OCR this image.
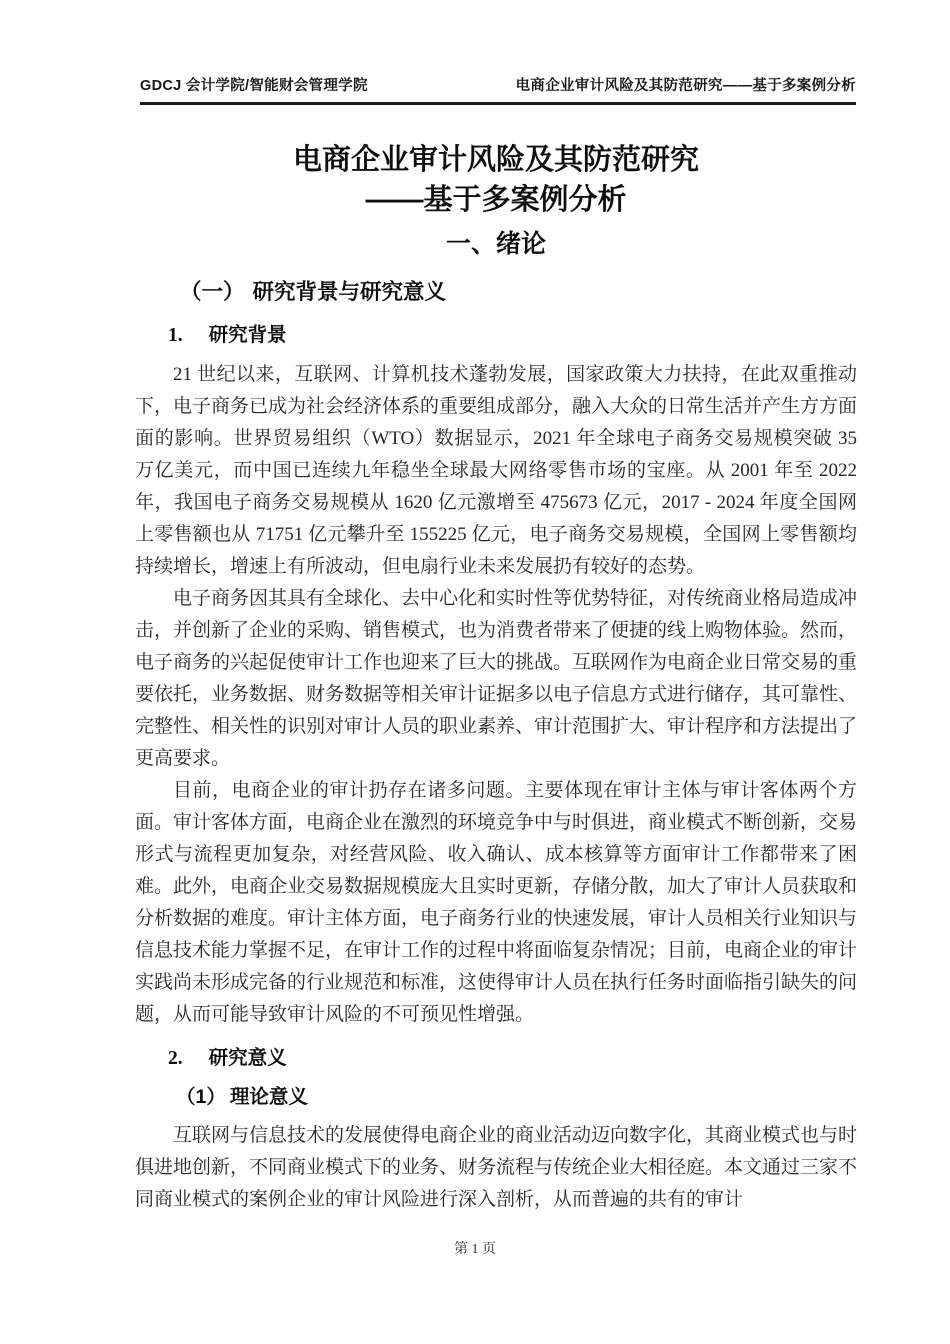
GDCJ 会计学院/智能财会管理学院	电商企业审计风险及其防范研究——基于多案例分析
电商企业审计风险及其防范研究
——基于多案例分析
一、绪论
（一） 研究背景与研究意义
1. 研究背景

21 世纪以来，互联网、计算机技术蓬勃发展，国家政策大力扶持，在此双重推动下，电子商务已成为社会经济体系的重要组成部分，融入大众的日常生活并产生方方面面的影响。世界贸易组织（WTO）数据显示，2021 年全球电子商务交易规模突破 35 万亿美元，而中国已连续九年稳坐全球最大网络零售市场的宝座。从 2001 年至 2022 年，我国电子商务交易规模从 1620 亿元激增至 475673 亿元，2017 - 2024 年度全国网上零售额也从 71751 亿元攀升至 155225 亿元，电子商务交易规模，全国网上零售额均持续增长，增速上有所波动，但电扇行业未来发展扔有较好的态势。

电子商务因其具有全球化、去中心化和实时性等优势特征，对传统商业格局造成冲击，并创新了企业的采购、销售模式，也为消费者带来了便捷的线上购物体验。然而，电子商务的兴起促使审计工作也迎来了巨大的挑战。互联网作为电商企业日常交易的重要依托，业务数据、财务数据等相关审计证据多以电子信息方式进行储存，其可靠性、完整性、相关性的识别对审计人员的职业素养、审计范围扩大、审计程序和方法提出了更高要求。

目前，电商企业的审计扔存在诸多问题。主要体现在审计主体与审计客体两个方面。审计客体方面，电商企业在激烈的环境竞争中与时俱进，商业模式不断创新，交易形式与流程更加复杂，对经营风险、收入确认、成本核算等方面审计工作都带来了困难。此外，电商企业交易数据规模庞大且实时更新，存储分散，加大了审计人员获取和分析数据的难度。审计主体方面，电子商务行业的快速发展，审计人员相关行业知识与信息技术能力掌握不足，在审计工作的过程中将面临复杂情况；目前，电商企业的审计实践尚未形成完备的行业规范和标准，这使得审计人员在执行任务时面临指引缺失的问题，从而可能导致审计风险的不可预见性增强。

2. 研究意义
（1） 理论意义

互联网与信息技术的发展使得电商企业的商业活动迈向数字化，其商业模式也与时俱进地创新，不同商业模式下的业务、财务流程与传统企业大相径庭。本文通过三家不同商业模式的案例企业的审计风险进行深入剖析，从而普遍的共有的审计

第 1 页
